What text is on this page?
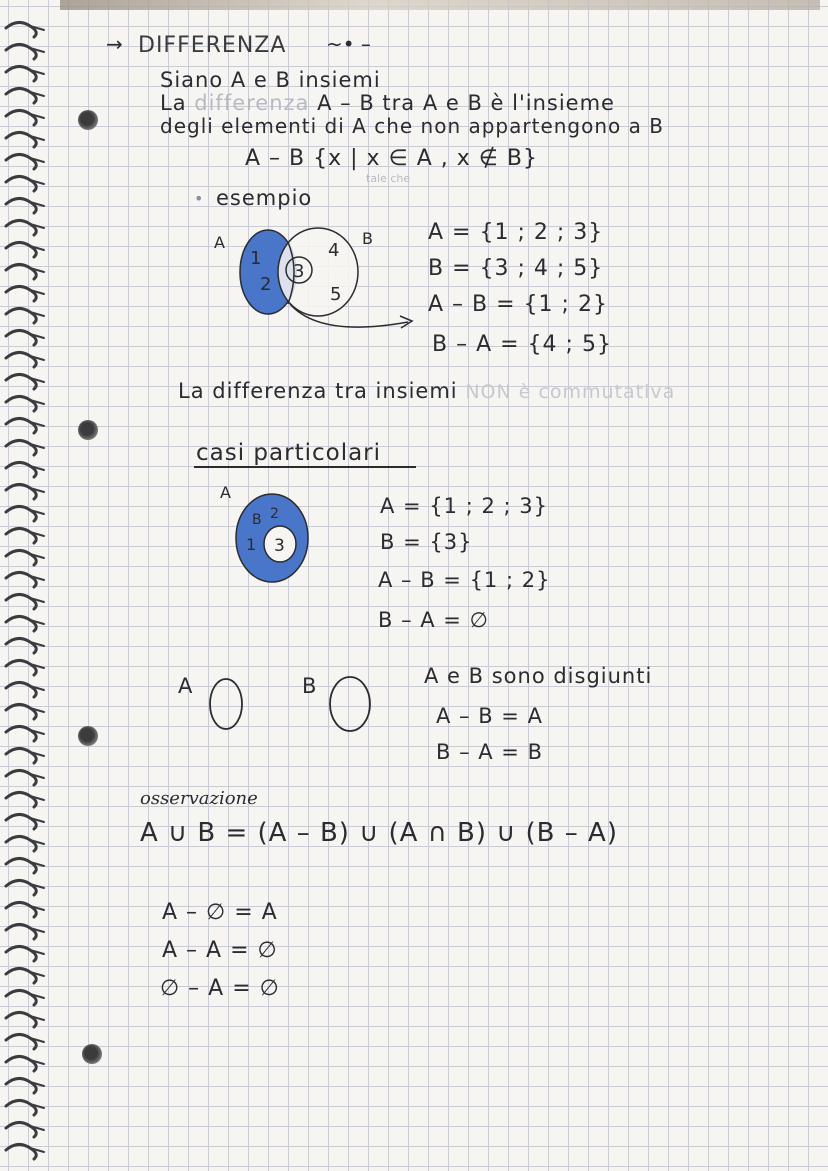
→ DIFFERENZA ~• –
Siano A e B insiemi
La differenza A – B tra A e B è l'insieme
degli elementi di A che non appartengono a B
A – B {x | x ∈ A , x ∉ B}
tale che
• esempio
A	B
1
2
3
4
5
A = {1 ; 2 ; 3}
B = {3 ; 4 ; 5}
A – B = {1 ; 2}
B – A = {4 ; 5}
La differenza tra insiemi NON è commutativa
casi particolari
A
B
1
2
3
A = {1 ; 2 ; 3}
B = {3}
A – B = {1 ; 2}
B – A = ∅
A	B	A e B sono disgiunti
A – B = A
B – A = B
osservazione
A ∪ B = (A – B) ∪ (A ∩ B) ∪ (B – A)
A – ∅ = A
A – A = ∅
∅ – A = ∅
